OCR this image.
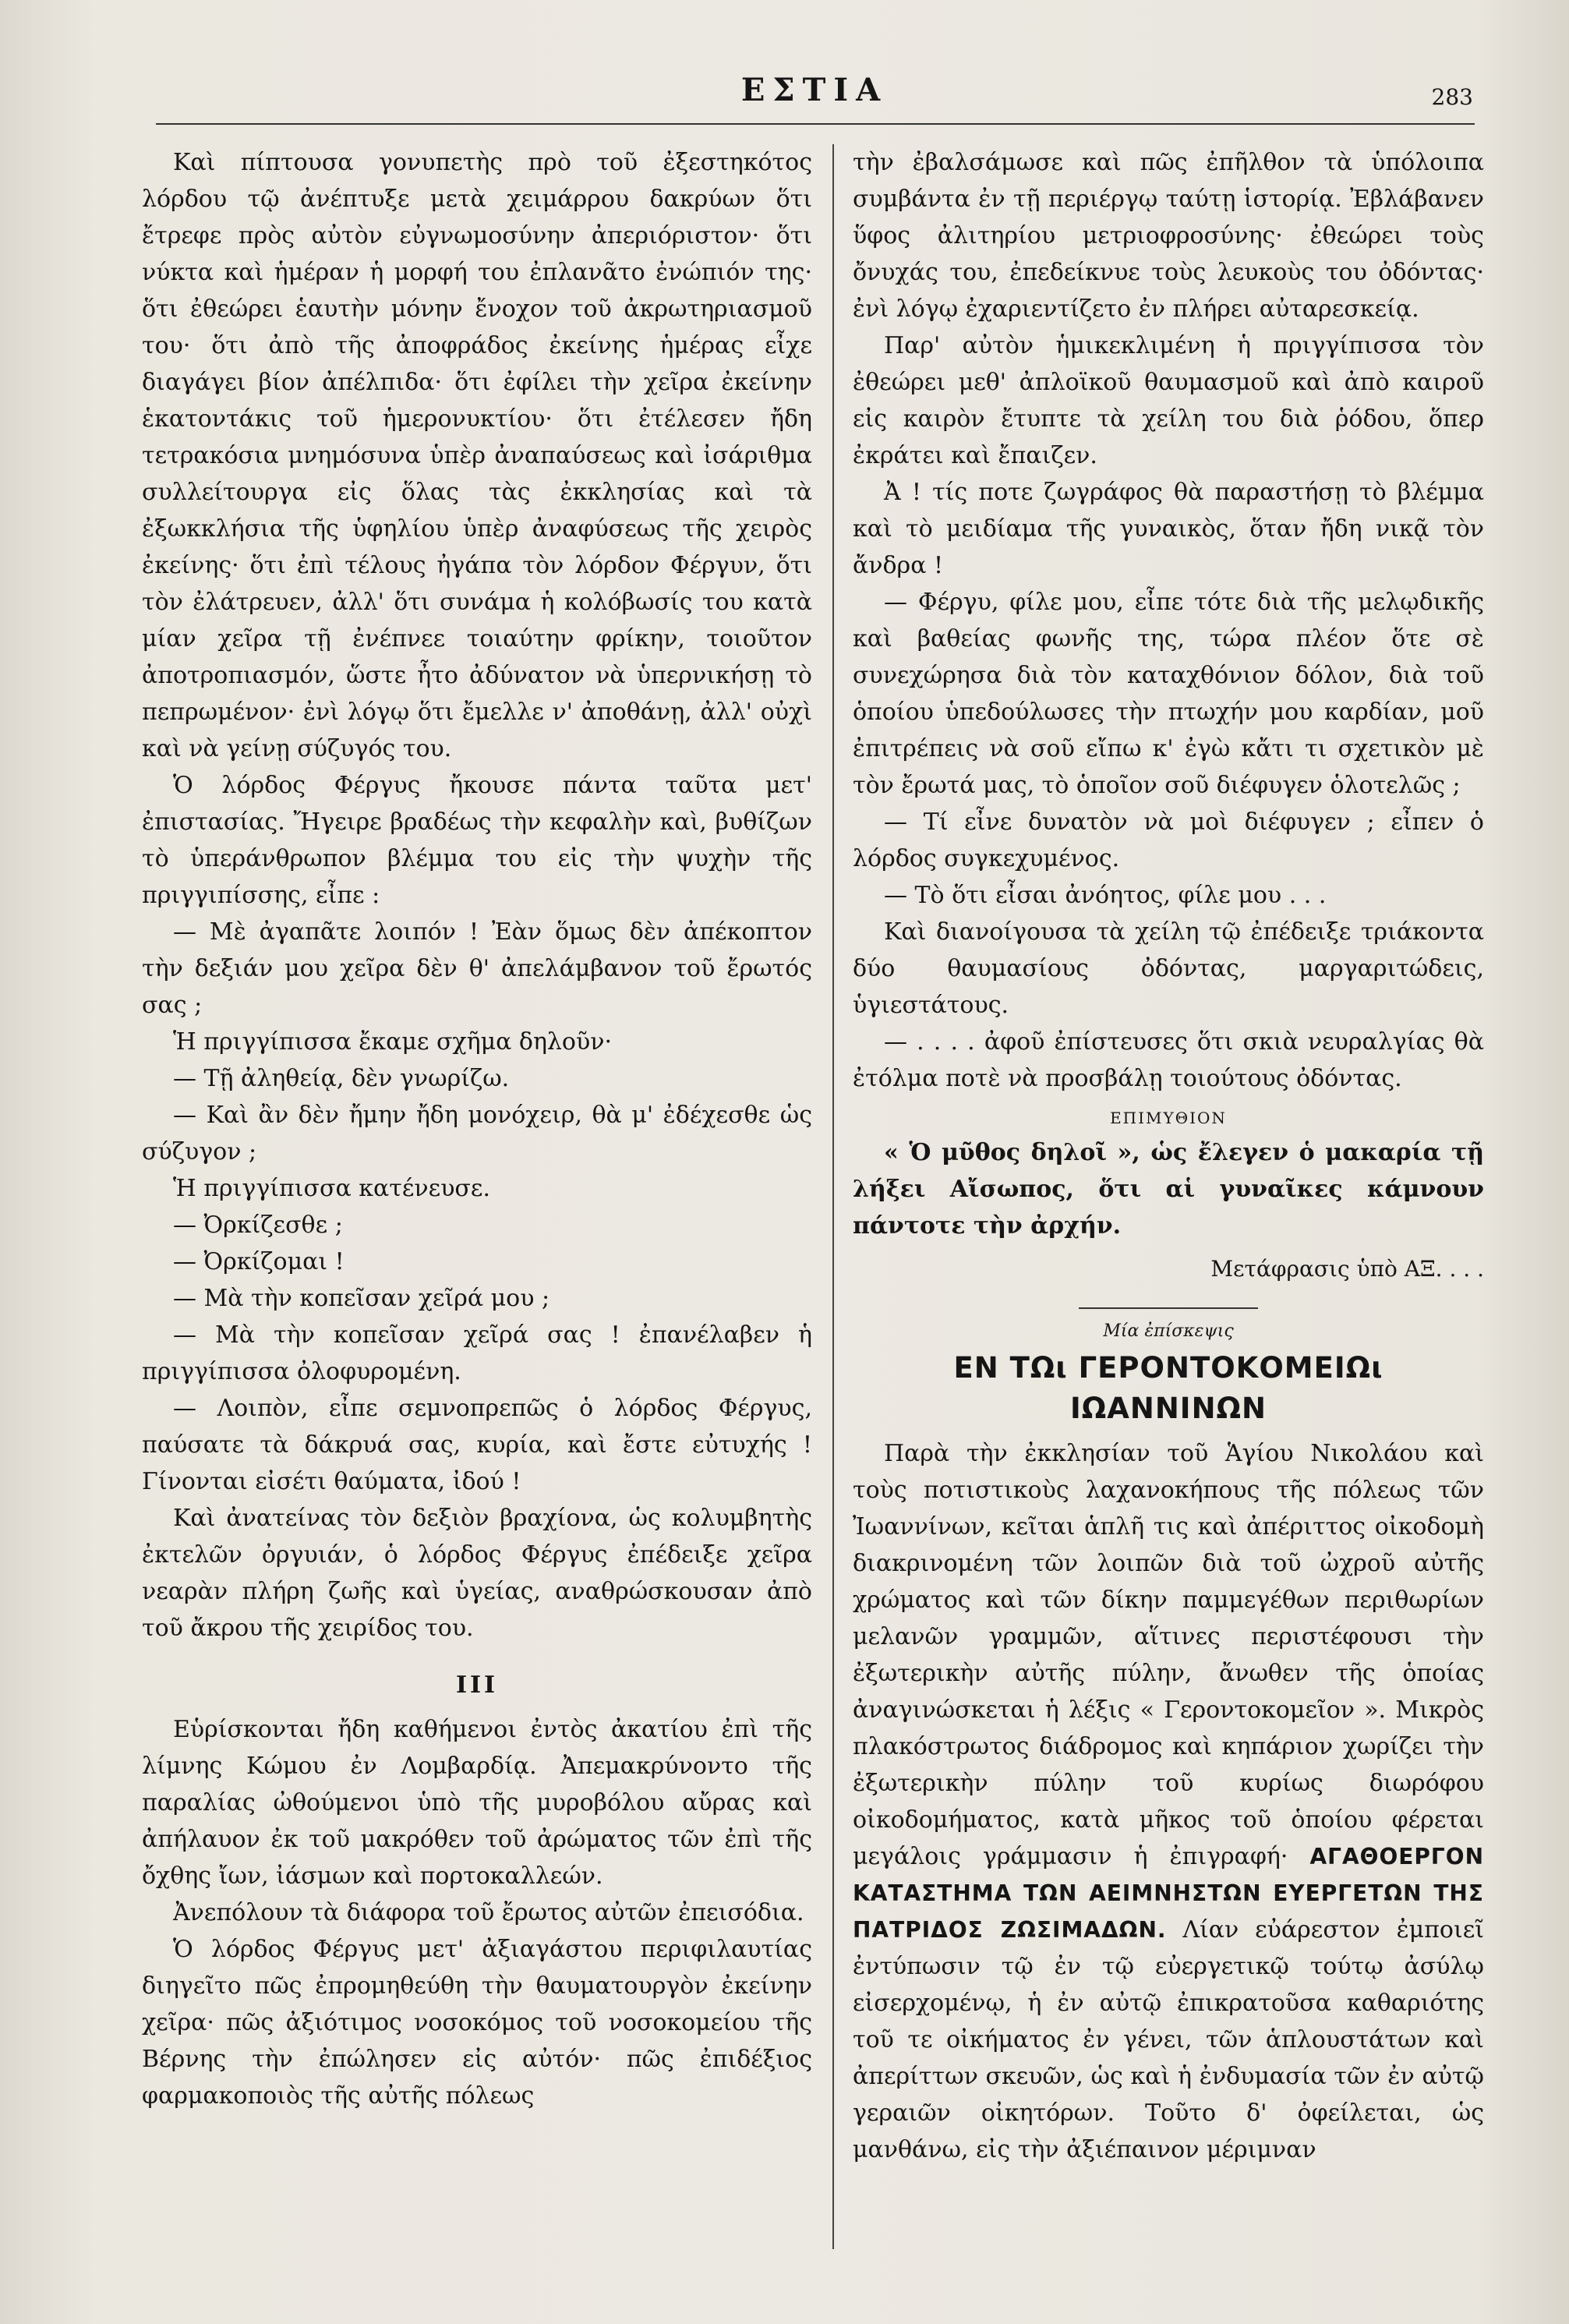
ΕΣΤΙΑ	283

Καὶ πίπτουσα γονυπετὴς πρὸ τοῦ ἐξεστηκότος λόρδου τῷ ἀνέπτυξε μετὰ χειμάρρου δακρύων ὅτι ἔτρεφε πρὸς αὐτὸν εὐγνωμοσύνην ἀπεριόριστον· ὅτι νύκτα καὶ ἡμέραν ἡ μορφή του ἐπλανᾶτο ἐνώπιόν της· ὅτι ἐθεώρει ἑαυτὴν μόνην ἔνοχον τοῦ ἀκρωτηριασμοῦ του· ὅτι ἀπὸ τῆς ἀποφράδος ἐκείνης ἡμέρας εἶχε διαγάγει βίον ἀπέλπιδα· ὅτι ἐφίλει τὴν χεῖρα ἐκείνην ἑκατοντάκις τοῦ ἡμερονυκτίου· ὅτι ἐτέλεσεν ἤδη τετρακόσια μνημόσυνα ὑπὲρ ἀναπαύσεως καὶ ἰσάριθμα συλλείτουργα εἰς ὅλας τὰς ἐκκλησίας καὶ τὰ ἐξωκκλήσια τῆς ὑφηλίου ὑπὲρ ἀναφύσεως τῆς χειρὸς ἐκείνης· ὅτι ἐπὶ τέλους ἠγάπα τὸν λόρδον Φέργυν, ὅτι τὸν ἐλάτρευεν, ἀλλ' ὅτι συνάμα ἡ κολόβωσίς του κατὰ μίαν χεῖρα τῇ ἐνέπνεε τοιαύτην φρίκην, τοιοῦτον ἀποτροπιασμόν, ὥστε ἦτο ἀδύνατον νὰ ὑπερνικήσῃ τὸ πεπρωμένον· ἐνὶ λόγῳ ὅτι ἔμελλε ν' ἀποθάνῃ, ἀλλ' οὐχὶ καὶ νὰ γείνῃ σύζυγός του.

Ὁ λόρδος Φέργυς ἤκουσε πάντα ταῦτα μετ' ἐπιστασίας. Ἤγειρε βραδέως τὴν κεφαλὴν καὶ, βυθίζων τὸ ὑπεράνθρωπον βλέμμα του εἰς τὴν ψυχὴν τῆς πριγγιπίσσης, εἶπε :

— Μὲ ἀγαπᾶτε λοιπόν ! Ἐὰν ὅμως δὲν ἀπέκοπτον τὴν δεξιάν μου χεῖρα δὲν θ' ἀπελάμβανον τοῦ ἔρωτός σας ;

Ἡ πριγγίπισσα ἔκαμε σχῆμα δηλοῦν·

— Τῇ ἀληθείᾳ, δὲν γνωρίζω.

— Καὶ ἂν δὲν ἤμην ἤδη μονόχειρ, θὰ μ' ἐδέχεσθε ὡς σύζυγον ;

Ἡ πριγγίπισσα κατένευσε.

— Ὀρκίζεσθε ;

— Ὀρκίζομαι !

— Μὰ τὴν κοπεῖσαν χεῖρά μου ;

— Μὰ τὴν κοπεῖσαν χεῖρά σας ! ἐπανέλαβεν ἡ πριγγίπισσα ὀλοφυρομένη.

— Λοιπὸν, εἶπε σεμνοπρεπῶς ὁ λόρδος Φέργυς, παύσατε τὰ δάκρυά σας, κυρία, καὶ ἔστε εὐτυχής ! Γίνονται εἰσέτι θαύματα, ἰδού !

Καὶ ἀνατείνας τὸν δεξιὸν βραχίονα, ὡς κολυμβητὴς ἐκτελῶν ὀργυιάν, ὁ λόρδος Φέργυς ἐπέδειξε χεῖρα νεαρὰν πλήρη ζωῆς καὶ ὑγείας, αναθρώσκουσαν ἀπὸ τοῦ ἄκρου τῆς χειρίδος του.

ΙΙΙ

Εὑρίσκονται ἤδη καθήμενοι ἐντὸς ἀκατίου ἐπὶ τῆς λίμνης Κώμου ἐν Λομβαρδίᾳ. Ἀπεμακρύνοντο τῆς παραλίας ὠθούμενοι ὑπὸ τῆς μυροβόλου αὔρας καὶ ἀπήλαυον ἐκ τοῦ μακρόθεν τοῦ ἀρώματος τῶν ἐπὶ τῆς ὄχθης ἴων, ἰάσμων καὶ πορτοκαλλεών.

Ἀνεπόλουν τὰ διάφορα τοῦ ἔρωτος αὐτῶν ἐπεισόδια.

Ὁ λόρδος Φέργυς μετ' ἀξιαγάστου περιφιλαυτίας διηγεῖτο πῶς ἐπρομηθεύθη τὴν θαυματουργὸν ἐκείνην χεῖρα· πῶς ἀξιότιμος νοσοκόμος τοῦ νοσοκομείου τῆς Βέρνης τὴν ἐπώλησεν εἰς αὐτόν· πῶς ἐπιδέξιος φαρμακοποιὸς τῆς αὐτῆς πόλεως

τὴν ἐβαλσάμωσε καὶ πῶς ἐπῆλθον τὰ ὑπόλοιπα συμβάντα ἐν τῇ περιέργῳ ταύτῃ ἱστορίᾳ. Ἐβλάβανεν ὕφος ἀλιτηρίου μετριοφροσύνης· ἐθεώρει τοὺς ὄνυχάς του, ἐπεδείκνυε τοὺς λευκοὺς του ὀδόντας· ἐνὶ λόγῳ ἐχαριεντίζετο ἐν πλήρει αὐταρεσκείᾳ.

Παρ' αὐτὸν ἡμικεκλιμένη ἡ πριγγίπισσα τὸν ἐθεώρει μεθ' ἀπλοϊκοῦ θαυμασμοῦ καὶ ἀπὸ καιροῦ εἰς καιρὸν ἔτυπτε τὰ χείλη του διὰ ῥόδου, ὅπερ ἐκράτει καὶ ἔπαιζεν.

Ἀ ! τίς ποτε ζωγράφος θὰ παραστήσῃ τὸ βλέμμα καὶ τὸ μειδίαμα τῆς γυναικὸς, ὅταν ἤδη νικᾷ τὸν ἄνδρα !

— Φέργυ, φίλε μου, εἶπε τότε διὰ τῆς μελῳδικῆς καὶ βαθείας φωνῆς της, τώρα πλέον ὅτε σὲ συνεχώρησα διὰ τὸν καταχθόνιον δόλον, διὰ τοῦ ὁποίου ὑπεδούλωσες τὴν πτωχήν μου καρδίαν, μοῦ ἐπιτρέπεις νὰ σοῦ εἴπω κ' ἐγὼ κἄτι τι σχετικὸν μὲ τὸν ἔρωτά μας, τὸ ὁποῖον σοῦ διέφυγεν ὁλοτελῶς ;

— Τί εἶνε δυνατὸν νὰ μοὶ διέφυγεν ; εἶπεν ὁ λόρδος συγκεχυμένος.

— Τὸ ὅτι εἶσαι ἀνόητος, φίλε μου . . .

Καὶ διανοίγουσα τὰ χείλη τῷ ἐπέδειξε τριάκοντα δύο θαυμασίους ὀδόντας, μαργαριτώδεις, ὑγιεστάτους.

— . . . . ἀφοῦ ἐπίστευσες ὅτι σκιὰ νευραλγίας θὰ ἐτόλμα ποτὲ νὰ προσβάλῃ τοιούτους ὀδόντας.

ΕΠΙΜΥΘΙΟΝ

« Ὁ μῦθος δηλοῖ », ὡς ἔλεγεν ὁ μακαρία τῇ λήξει Αἴσωπος, ὅτι αἱ γυναῖκες κάμνουν πάντοτε τὴν ἀρχήν.

Μετάφρασις ὑπὸ ΑΞ. . . .

Μία ἐπίσκεψις

ΕΝ ΤΩι ΓΕΡΟΝΤΟΚΟΜΕΙΩι ΙΩΑΝΝΙΝΩΝ

Παρὰ τὴν ἐκκλησίαν τοῦ Ἁγίου Νικολάου καὶ τοὺς ποτιστικοὺς λαχανοκήπους τῆς πόλεως τῶν Ἰωαννίνων, κεῖται ἁπλῆ τις καὶ ἀπέριττος οἰκοδομὴ διακρινομένη τῶν λοιπῶν διὰ τοῦ ὠχροῦ αὐτῆς χρώματος καὶ τῶν δίκην παμμεγέθων περιθωρίων μελανῶν γραμμῶν, αἵτινες περιστέφουσι τὴν ἐξωτερικὴν αὐτῆς πύλην, ἄνωθεν τῆς ὁποίας ἀναγινώσκεται ἡ λέξις « Γεροντοκομεῖον ». Μικρὸς πλακόστρωτος διάδρομος καὶ κηπάριον χωρίζει τὴν ἐξωτερικὴν πύλην τοῦ κυρίως διωρόφου οἰκοδομήματος, κατὰ μῆκος τοῦ ὁποίου φέρεται μεγάλοις γράμμασιν ἡ ἐπιγραφή· ΑΓΑΘΟΕΡΓΟΝ ΚΑΤΑΣΤΗΜΑ ΤΩΝ ΑΕΙΜΝΗΣΤΩΝ ΕΥΕΡΓΕΤΩΝ ΤΗΣ ΠΑΤΡΙΔΟΣ ΖΩΣΙΜΑΔΩΝ. Λίαν εὐάρεστον ἐμποιεῖ ἐντύπωσιν τῷ ἐν τῷ εὐεργετικῷ τούτῳ ἀσύλῳ εἰσερχομένῳ, ἡ ἐν αὐτῷ ἐπικρατοῦσα καθαριότης τοῦ τε οἰκήματος ἐν γένει, τῶν ἁπλουστάτων καὶ ἀπερίττων σκευῶν, ὡς καὶ ἡ ἐνδυμασία τῶν ἐν αὐτῷ γεραιῶν οἰκητόρων. Τοῦτο δ' ὀφείλεται, ὡς μανθάνω, εἰς τὴν ἀξιέπαινον μέριμναν
